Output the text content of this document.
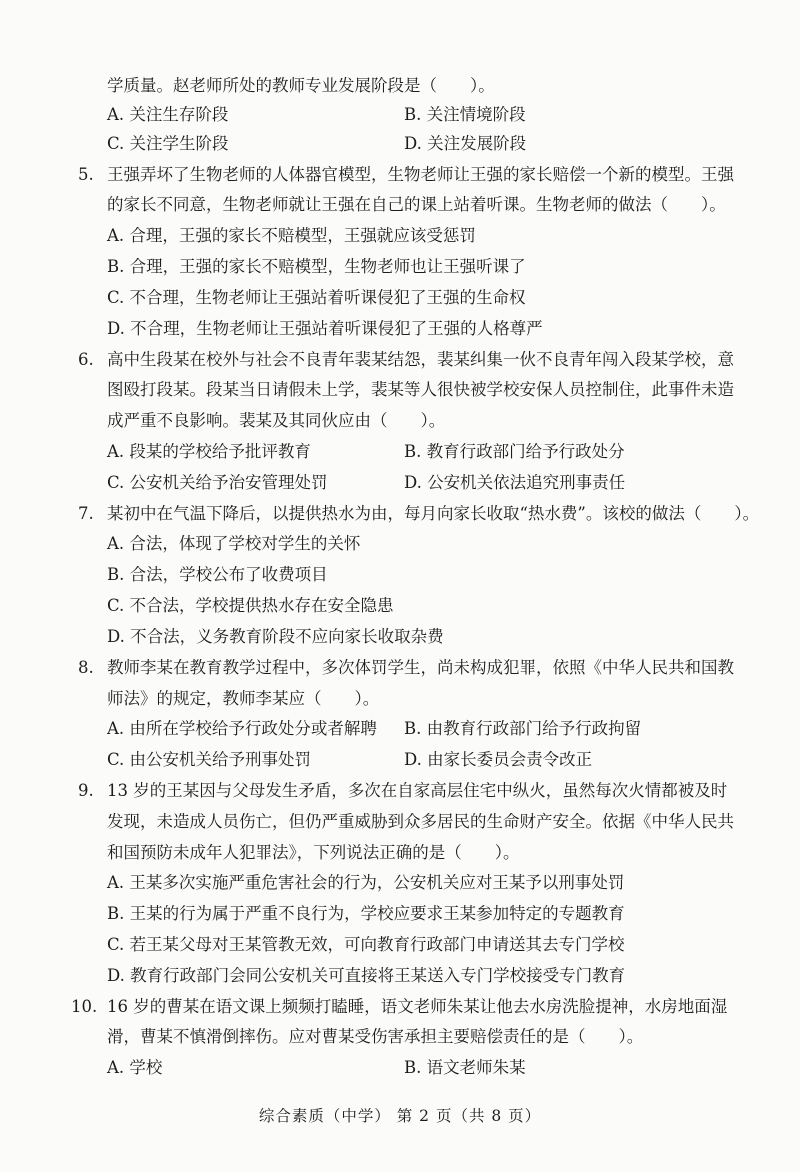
学质量。赵老师所处的教师专业发展阶段是（　　）。
A. 关注生存阶段	B. 关注情境阶段
C. 关注学生阶段	D. 关注发展阶段
5. 王强弄坏了生物老师的人体器官模型，生物老师让王强的家长赔偿一个新的模型。王强
的家长不同意，生物老师就让王强在自己的课上站着听课。生物老师的做法（　　）。
A. 合理，王强的家长不赔模型，王强就应该受惩罚
B. 合理，王强的家长不赔模型，生物老师也让王强听课了
C. 不合理，生物老师让王强站着听课侵犯了王强的生命权
D. 不合理，生物老师让王强站着听课侵犯了王强的人格尊严
6. 高中生段某在校外与社会不良青年裴某结怨，裴某纠集一伙不良青年闯入段某学校，意
图殴打段某。段某当日请假未上学，裴某等人很快被学校安保人员控制住，此事件未造
成严重不良影响。裴某及其同伙应由（　　）。
A. 段某的学校给予批评教育	B. 教育行政部门给予行政处分
C. 公安机关给予治安管理处罚	D. 公安机关依法追究刑事责任
7. 某初中在气温下降后，以提供热水为由，每月向家长收取“热水费”。该校的做法（　　）。
A. 合法，体现了学校对学生的关怀
B. 合法，学校公布了收费项目
C. 不合法，学校提供热水存在安全隐患
D. 不合法，义务教育阶段不应向家长收取杂费
8. 教师李某在教育教学过程中，多次体罚学生，尚未构成犯罪，依照《中华人民共和国教
师法》的规定，教师李某应（　　）。
A. 由所在学校给予行政处分或者解聘 B. 由教育行政部门给予行政拘留
C. 由公安机关给予刑事处罚	D. 由家长委员会责令改正
9. 13 岁的王某因与父母发生矛盾，多次在自家高层住宅中纵火，虽然每次火情都被及时
发现，未造成人员伤亡，但仍严重威胁到众多居民的生命财产安全。依据《中华人民共
和国预防未成年人犯罪法》，下列说法正确的是（　　）。
A. 王某多次实施严重危害社会的行为，公安机关应对王某予以刑事处罚
B. 王某的行为属于严重不良行为，学校应要求王某参加特定的专题教育
C. 若王某父母对王某管教无效，可向教育行政部门申请送其去专门学校
D. 教育行政部门会同公安机关可直接将王某送入专门学校接受专门教育
10. 16 岁的曹某在语文课上频频打瞌睡，语文老师朱某让他去水房洗脸提神，水房地面湿
滑，曹某不慎滑倒摔伤。应对曹某受伤害承担主要赔偿责任的是（　　）。
A. 学校	B. 语文老师朱某
综合素质（中学） 第 2 页（共 8 页）
